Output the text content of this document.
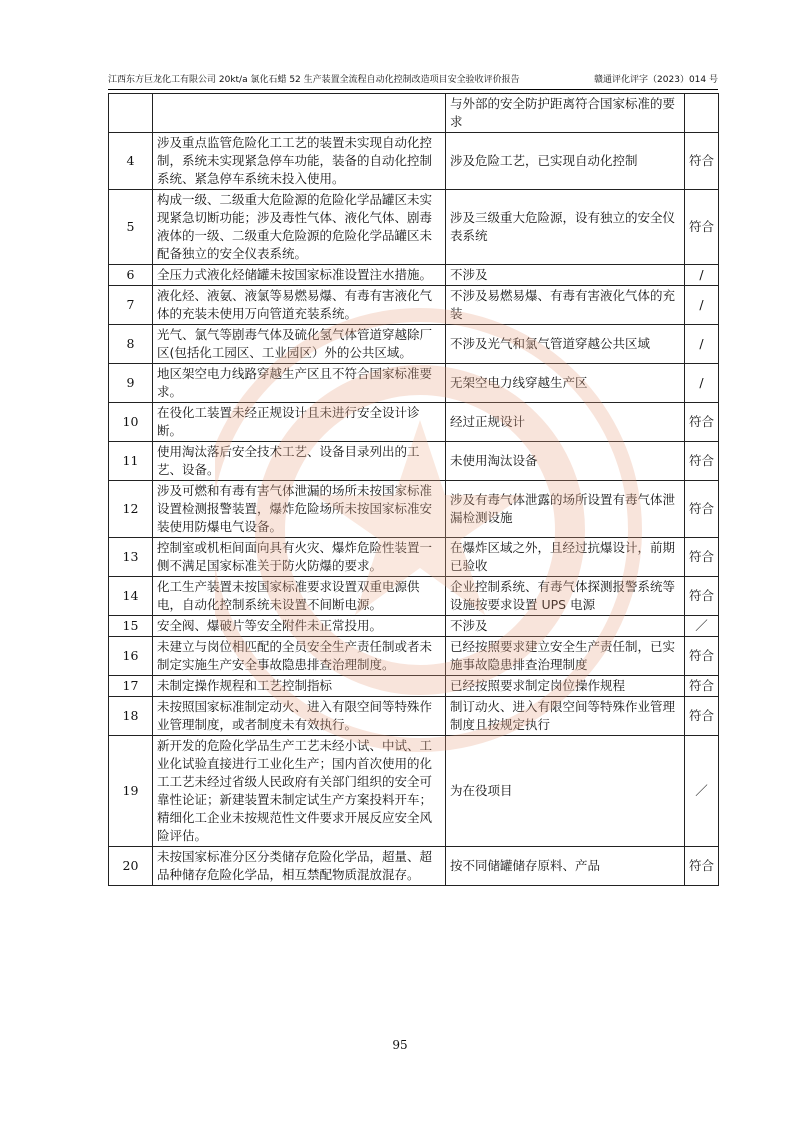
江西东方巨龙化工有限公司 20kt/a 氯化石蜡 52 生产装置全流程自动化控制改造项目安全验收评价报告	赣通评化评字（2023）014 号
		与外部的安全防护距离符合国家标准的要求	
4	涉及重点监管危险化工工艺的装置未实现自动化控制，系统未实现紧急停车功能，装备的自动化控制系统、紧急停车系统未投入使用。	涉及危险工艺，已实现自动化控制	符合
5	构成一级、二级重大危险源的危险化学品罐区未实现紧急切断功能；涉及毒性气体、液化气体、剧毒液体的一级、二级重大危险源的危险化学品罐区未配备独立的安全仪表系统。	涉及三级重大危险源，设有独立的安全仪表系统	符合
6	全压力式液化烃储罐未按国家标准设置注水措施。	不涉及	/
7	液化烃、液氨、液氯等易燃易爆、有毒有害液化气体的充装未使用万向管道充装系统。	不涉及易燃易爆、有毒有害液化气体的充装	/
8	光气、氯气等剧毒气体及硫化氢气体管道穿越除厂区(包括化工园区、工业园区）外的公共区域。	不涉及光气和氯气管道穿越公共区域	/
9	地区架空电力线路穿越生产区且不符合国家标准要求。	无架空电力线穿越生产区	/
10	在役化工装置未经正规设计且未进行安全设计诊断。	经过正规设计	符合
11	使用淘汰落后安全技术工艺、设备目录列出的工艺、设备。	未使用淘汰设备	符合
12	涉及可燃和有毒有害气体泄漏的场所未按国家标准设置检测报警装置，爆炸危险场所未按国家标准安装使用防爆电气设备。	涉及有毒气体泄露的场所设置有毒气体泄漏检测设施	符合
13	控制室或机柜间面向具有火灾、爆炸危险性装置一侧不满足国家标准关于防火防爆的要求。	在爆炸区域之外，且经过抗爆设计，前期已验收	符合
14	化工生产装置未按国家标准要求设置双重电源供电，自动化控制系统未设置不间断电源。	企业控制系统、有毒气体探测报警系统等设施按要求设置 UPS 电源	符合
15	安全阀、爆破片等安全附件未正常投用。	不涉及	／
16	未建立与岗位相匹配的全员安全生产责任制或者未制定实施生产安全事故隐患排查治理制度。	已经按照要求建立安全生产责任制，已实施事故隐患排查治理制度	符合
17	未制定操作规程和工艺控制指标	已经按照要求制定岗位操作规程	符合
18	未按照国家标准制定动火、进入有限空间等特殊作业管理制度，或者制度未有效执行。	制订动火、进入有限空间等特殊作业管理制度且按规定执行	符合
19	新开发的危险化学品生产工艺未经小试、中试、工业化试验直接进行工业化生产；国内首次使用的化工工艺未经过省级人民政府有关部门组织的安全可靠性论证；新建装置未制定试生产方案投料开车；精细化工企业未按规范性文件要求开展反应安全风险评估。	为在役项目	／
20	未按国家标准分区分类储存危险化学品，超量、超品种储存危险化学品，相互禁配物质混放混存。	按不同储罐储存原料、产品	符合
95
